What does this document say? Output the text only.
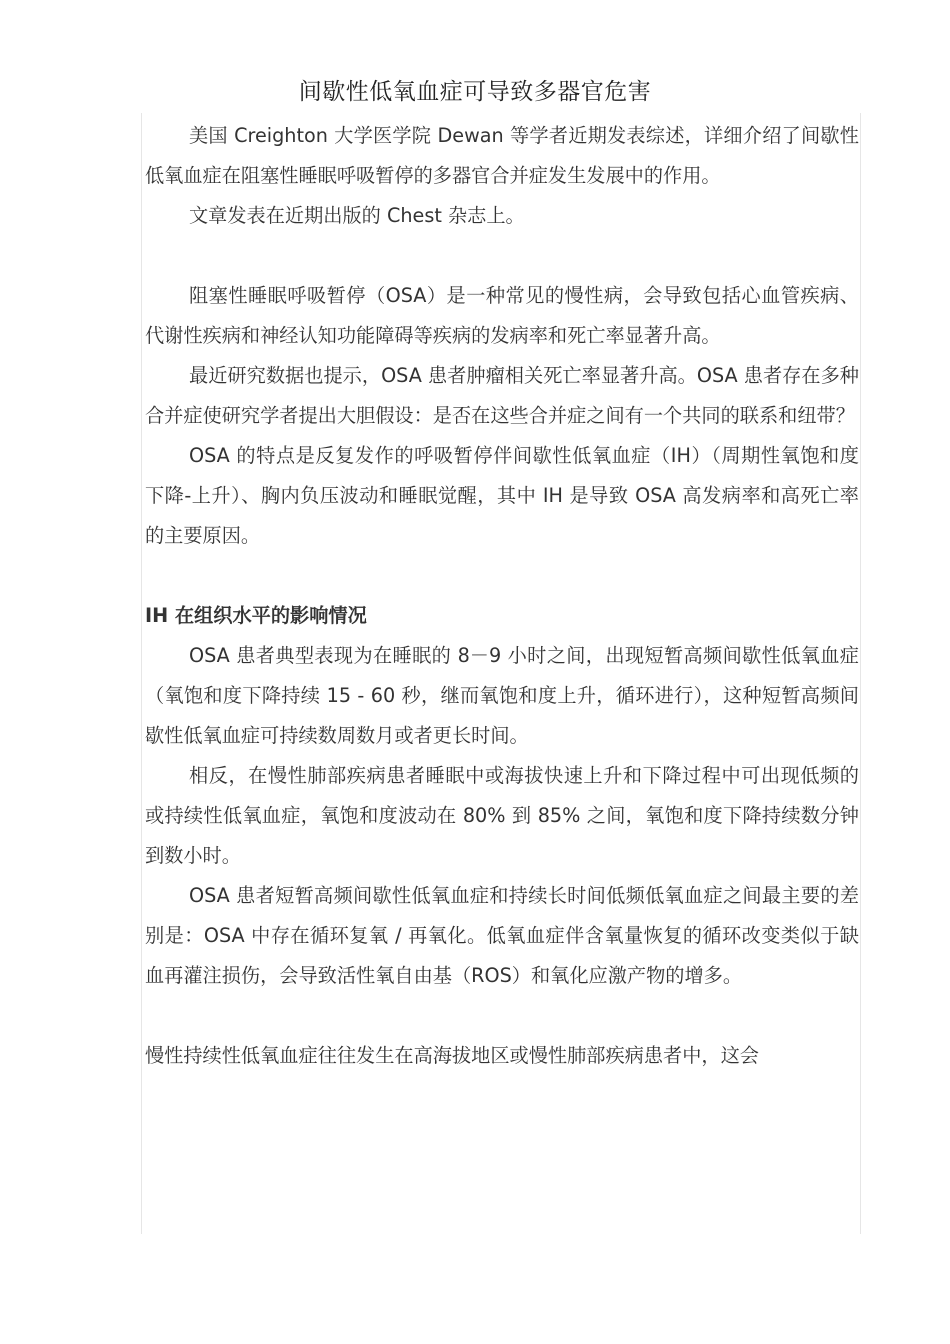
间歇性低氧血症可导致多器官危害

美国 Creighton 大学医学院 Dewan 等学者近期发表综述，详细介绍了间歇性低氧血症在阻塞性睡眠呼吸暂停的多器官合并症发生发展中的作用。

文章发表在近期出版的 Chest 杂志上。

阻塞性睡眠呼吸暂停（OSA）是一种常见的慢性病，会导致包括心血管疾病、代谢性疾病和神经认知功能障碍等疾病的发病率和死亡率显著升高。

最近研究数据也提示，OSA 患者肿瘤相关死亡率显著升高。OSA 患者存在多种合并症使研究学者提出大胆假设：是否在这些合并症之间有一个共同的联系和纽带？

OSA 的特点是反复发作的呼吸暂停伴间歇性低氧血症（IH）（周期性氧饱和度下降-上升）、胸内负压波动和睡眠觉醒，其中 IH 是导致 OSA 高发病率和高死亡率的主要原因。

IH 在组织水平的影响情况

OSA 患者典型表现为在睡眠的 8－9 小时之间，出现短暂高频间歇性低氧血症（氧饱和度下降持续 15 - 60 秒，继而氧饱和度上升，循环进行），这种短暂高频间歇性低氧血症可持续数周数月或者更长时间。

相反，在慢性肺部疾病患者睡眠中或海拔快速上升和下降过程中可出现低频的或持续性低氧血症，氧饱和度波动在 80% 到 85% 之间，氧饱和度下降持续数分钟到数小时。

OSA 患者短暂高频间歇性低氧血症和持续长时间低频低氧血症之间最主要的差别是：OSA 中存在循环复氧 / 再氧化。低氧血症伴含氧量恢复的循环改变类似于缺血再灌注损伤，会导致活性氧自由基（ROS）和氧化应激产物的增多。

慢性持续性低氧血症往往发生在高海拔地区或慢性肺部疾病患者中，这会
